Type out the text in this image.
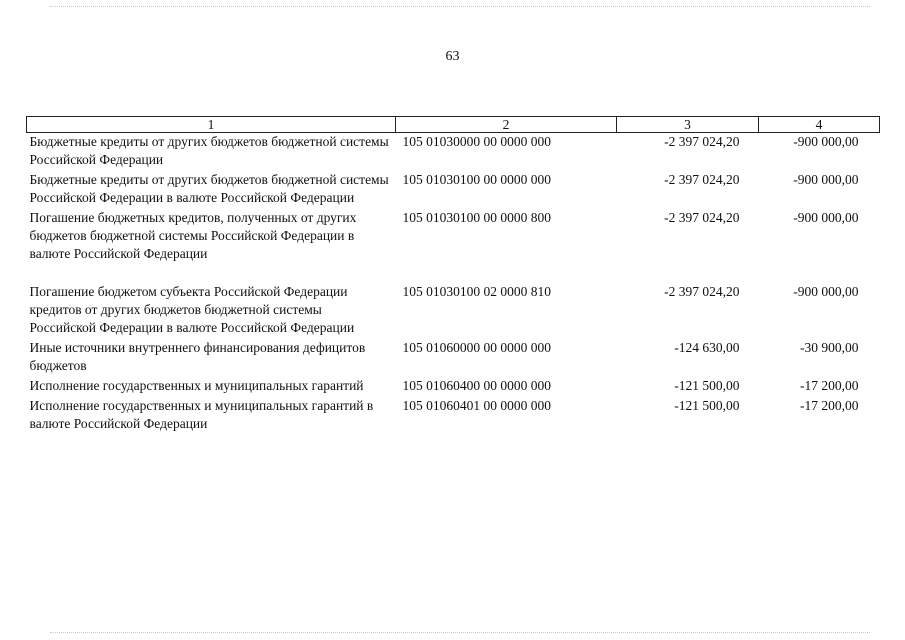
63
1	2	3	4
Бюджетные кредиты от других бюджетов бюджетной системы Российской Федерации	105 01030000 00 0000 000	-2 397 024,20	-900 000,00
Бюджетные кредиты от других бюджетов бюджетной системы Российской Федерации в валюте Российской Федерации	105 01030100 00 0000 000	-2 397 024,20	-900 000,00
Погашение бюджетных кредитов, полученных от других бюджетов бюджетной системы Российской Федерации в валюте Российской Федерации	105 01030100 00 0000 800	-2 397 024,20	-900 000,00
Погашение бюджетом субъекта Российской Федерации кредитов от других бюджетов бюджетной системы Российской Федерации в валюте Российской Федерации	105 01030100 02 0000 810	-2 397 024,20	-900 000,00
Иные источники внутреннего финансирования дефицитов бюджетов	105 01060000 00 0000 000	-124 630,00	-30 900,00
Исполнение государственных и муниципальных гарантий	105 01060400 00 0000 000	-121 500,00	-17 200,00
Исполнение государственных и муниципальных гарантий в валюте Российской Федерации	105 01060401 00 0000 000	-121 500,00	-17 200,00
